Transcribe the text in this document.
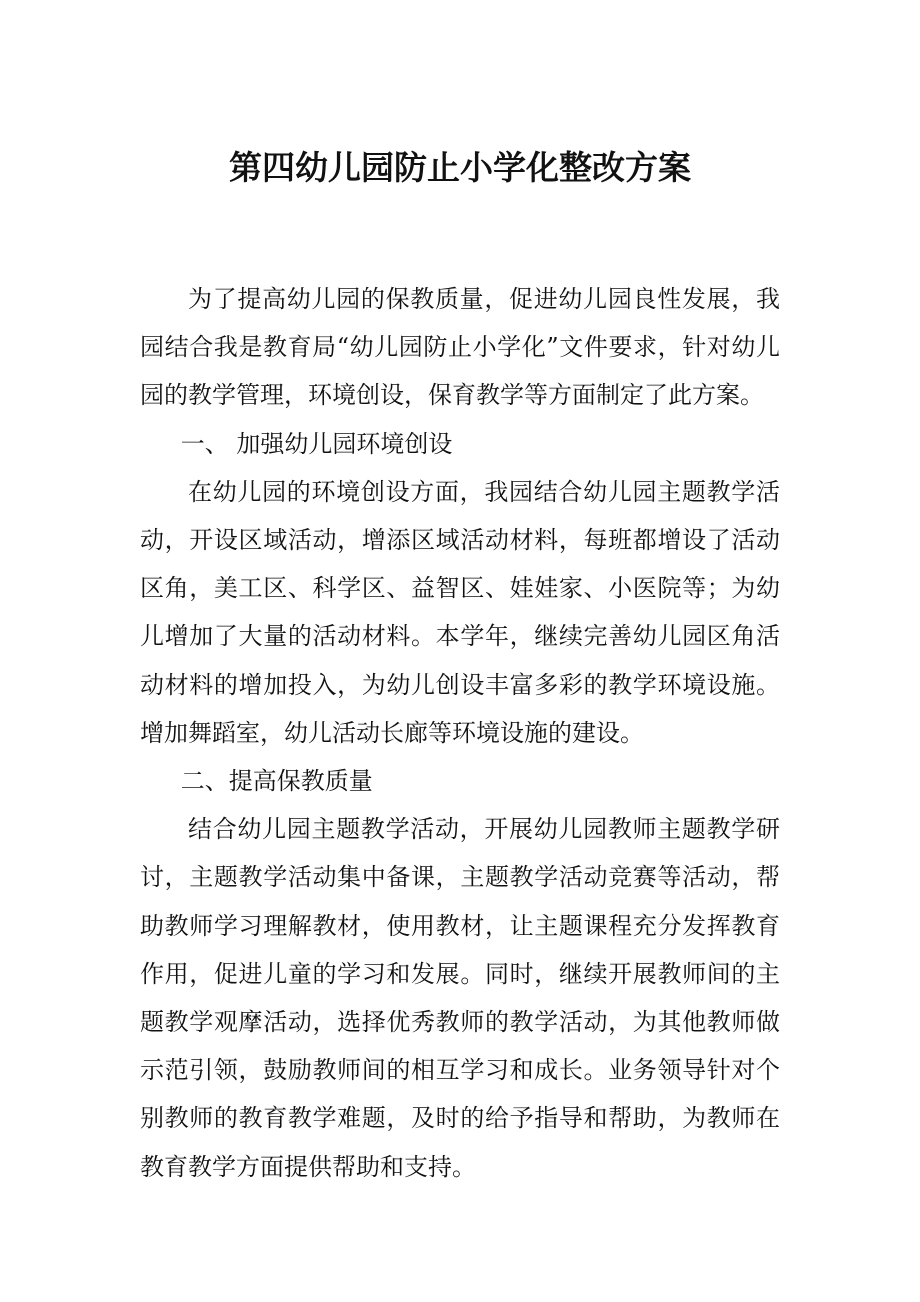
第四幼儿园防止小学化整改方案

为了提高幼儿园的保教质量，促进幼儿园良性发展，我园结合我是教育局“幼儿园防止小学化”文件要求，针对幼儿园的教学管理，环境创设，保育教学等方面制定了此方案。

一、 加强幼儿园环境创设

在幼儿园的环境创设方面，我园结合幼儿园主题教学活动，开设区域活动，增添区域活动材料，每班都增设了活动区角，美工区、科学区、益智区、娃娃家、小医院等；为幼儿增加了大量的活动材料。本学年，继续完善幼儿园区角活动材料的增加投入，为幼儿创设丰富多彩的教学环境设施。增加舞蹈室，幼儿活动长廊等环境设施的建设。

二、提高保教质量

结合幼儿园主题教学活动，开展幼儿园教师主题教学研讨，主题教学活动集中备课，主题教学活动竞赛等活动，帮助教师学习理解教材，使用教材，让主题课程充分发挥教育作用，促进儿童的学习和发展。同时，继续开展教师间的主题教学观摩活动，选择优秀教师的教学活动，为其他教师做示范引领，鼓励教师间的相互学习和成长。业务领导针对个别教师的教育教学难题，及时的给予指导和帮助，为教师在教育教学方面提供帮助和支持。
